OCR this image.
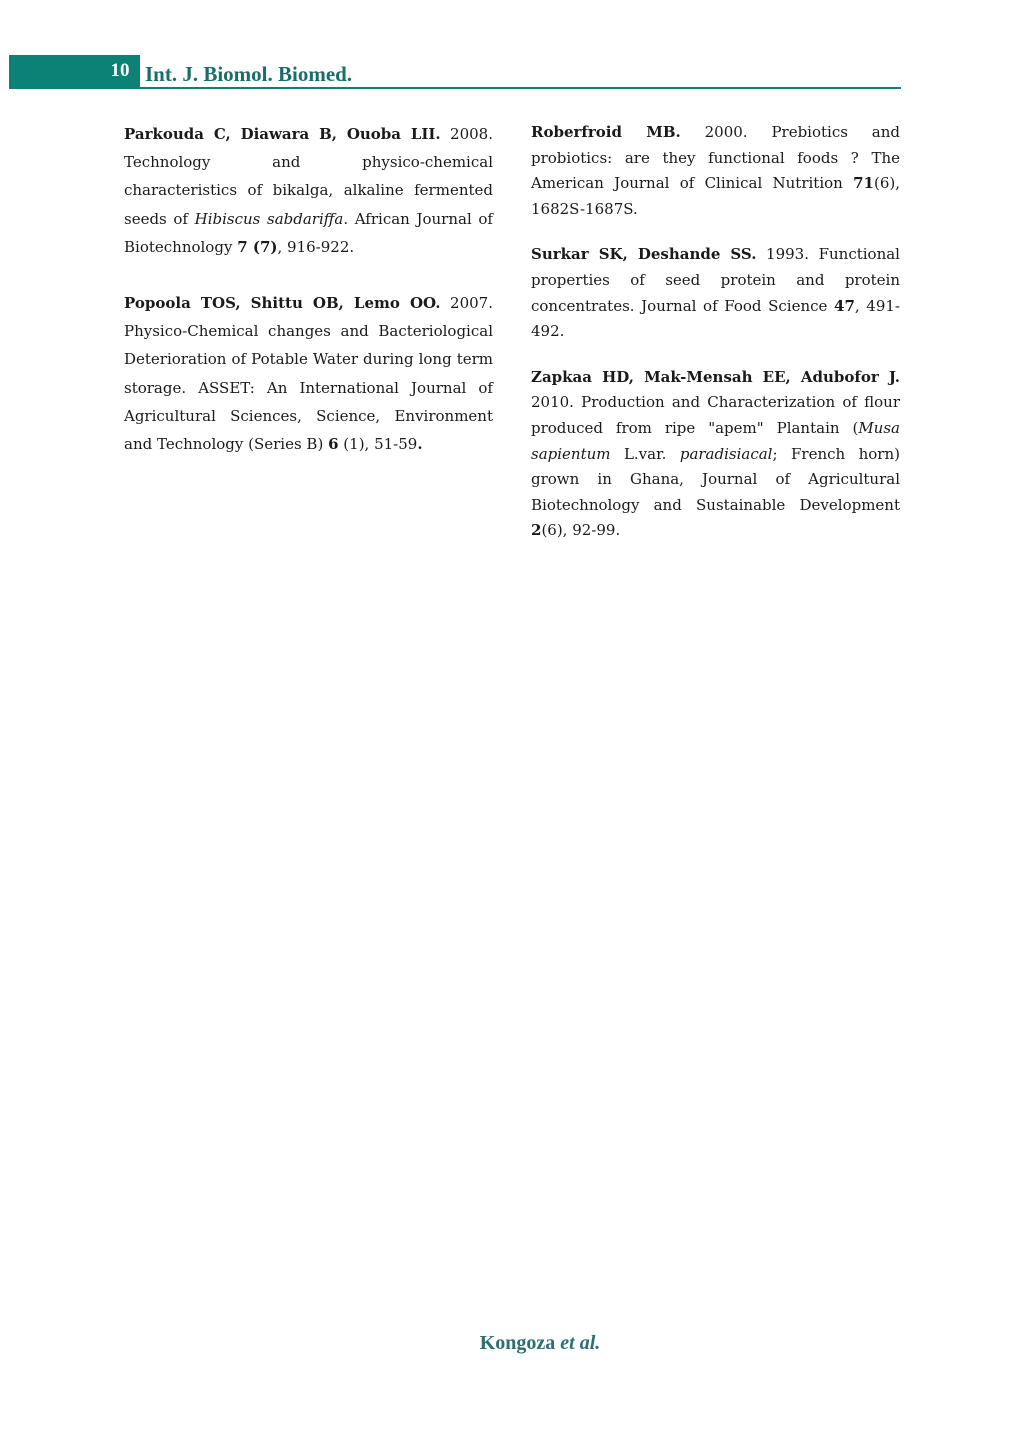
10 Int. J. Biomol. Biomed.

Parkouda C, Diawara B, Ouoba LII. 2008. Technology and physico-chemical characteristics of bikalga, alkaline fermented seeds of Hibiscus sabdariffa. African Journal of Biotechnology 7 (7), 916-922.

Popoola TOS, Shittu OB, Lemo OO. 2007. Physico-Chemical changes and Bacteriological Deterioration of Potable Water during long term storage. ASSET: An International Journal of Agricultural Sciences, Science, Environment and Technology (Series B) 6 (1), 51-59.

Roberfroid MB. 2000. Prebiotics and probiotics: are they functional foods ? The American Journal of Clinical Nutrition 71(6), 1682S-1687S.

Surkar SK, Deshande SS. 1993. Functional properties of seed protein and protein concentrates. Journal of Food Science 47, 491-492.

Zapkaa HD, Mak-Mensah EE, Adubofor J. 2010. Production and Characterization of flour produced from ripe "apem" Plantain (Musa sapientum L.var. paradisiacal; French horn) grown in Ghana, Journal of Agricultural Biotechnology and Sustainable Development 2(6), 92-99.

Kongoza et al.
